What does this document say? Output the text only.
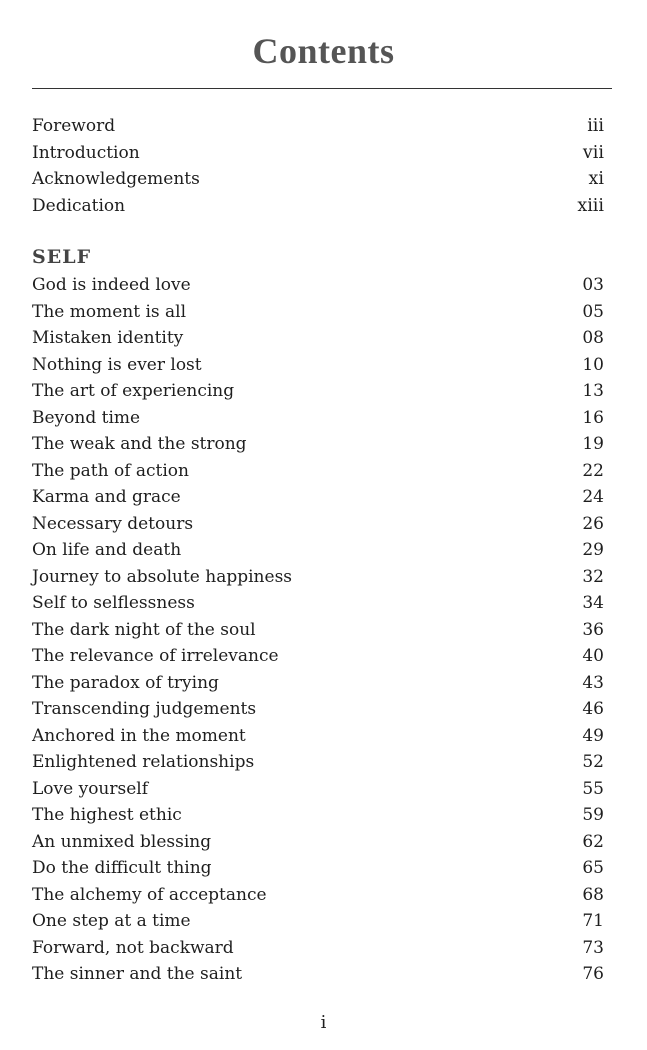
Contents
Foreword	iii
Introduction	vii
Acknowledgements	xi
Dedication	xiii
SELF
God is indeed love	03
The moment is all	05
Mistaken identity	08
Nothing is ever lost	10
The art of experiencing	13
Beyond time	16
The weak and the strong	19
The path of action	22
Karma and grace	24
Necessary detours	26
On life and death	29
Journey to absolute happiness	32
Self to selflessness	34
The dark night of the soul	36
The relevance of irrelevance	40
The paradox of trying	43
Transcending judgements	46
Anchored in the moment	49
Enlightened relationships	52
Love yourself	55
The highest ethic	59
An unmixed blessing	62
Do the difficult thing	65
The alchemy of acceptance	68
One step at a time	71
Forward, not backward	73
The sinner and the saint	76
i
